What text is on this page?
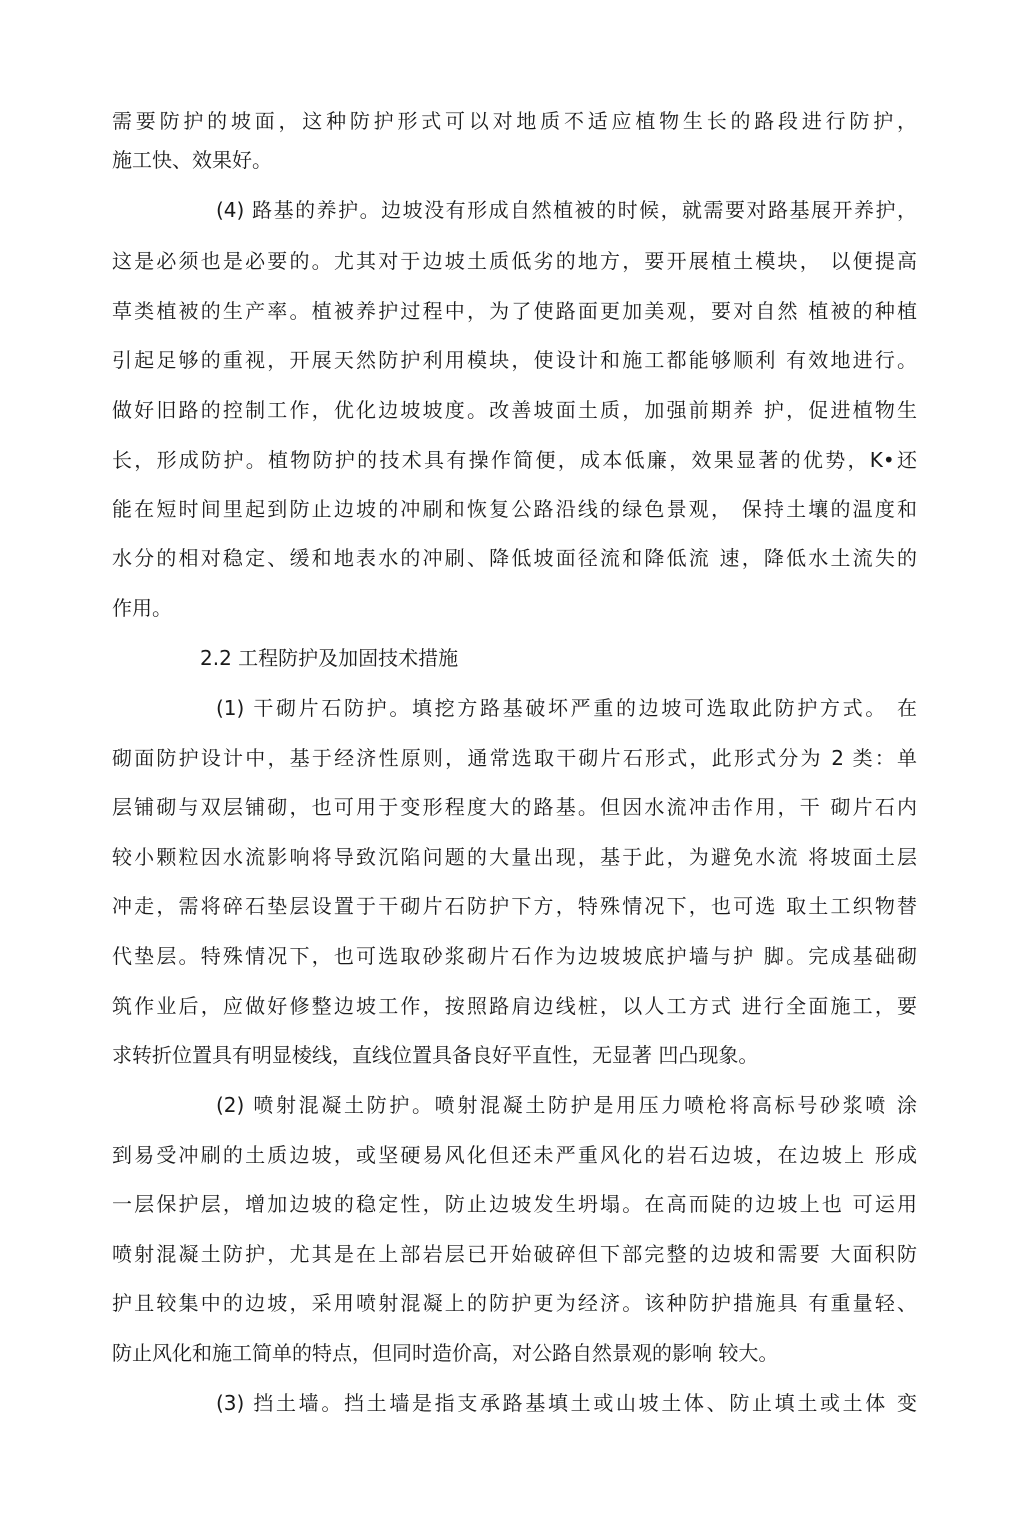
需要防护的坡面，这种防护形式可以对地质不适应植物生长的路段进行防护，
施工快、效果好。
(4) 路基的养护。边坡没有形成自然植被的时候，就需要对路基展开养护，
这是必须也是必要的。尤其对于边坡土质低劣的地方，要开展植土模块， 以便提高
草类植被的生产率。植被养护过程中，为了使路面更加美观，要对自然 植被的种植
引起足够的重视，开展天然防护利用模块，使设计和施工都能够顺利 有效地进行。
做好旧路的控制工作，优化边坡坡度。改善坡面土质，加强前期养 护，促进植物生
长，形成防护。植物防护的技术具有操作简便，成本低廉，效果显著的优势，K•还
能在短时间里起到防止边坡的冲刷和恢复公路沿线的绿色景观， 保持土壤的温度和
水分的相对稳定、缓和地表水的冲刷、降低坡面径流和降低流 速，降低水土流失的
作用。
2.2 工程防护及加固技术措施
(1) 干砌片石防护。填挖方路基破坏严重的边坡可选取此防护方式。 在
砌面防护设计中，基于经济性原则，通常选取干砌片石形式，此形式分为 2 类：单
层铺砌与双层铺砌，也可用于变形程度大的路基。但因水流冲击作用，干 砌片石内
较小颗粒因水流影响将导致沉陷问题的大量出现，基于此，为避免水流 将坡面土层
冲走，需将碎石垫层设置于干砌片石防护下方，特殊情况下，也可选 取土工织物替
代垫层。特殊情况下，也可选取砂浆砌片石作为边坡坡底护墙与护 脚。完成基础砌
筑作业后，应做好修整边坡工作，按照路肩边线桩，以人工方式 进行全面施工，要
求转折位置具有明显棱线，直线位置具备良好平直性，无显著 凹凸现象。
(2) 喷射混凝土防护。喷射混凝土防护是用压力喷枪将高标号砂浆喷 涂
到易受冲刷的土质边坡，或坚硬易风化但还未严重风化的岩石边坡，在边坡上 形成
一层保护层，增加边坡的稳定性，防止边坡发生坍塌。在高而陡的边坡上也 可运用
喷射混凝土防护，尤其是在上部岩层已开始破碎但下部完整的边坡和需要 大面积防
护且较集中的边坡，采用喷射混凝上的防护更为经济。该种防护措施具 有重量轻、
防止风化和施工简单的特点，但同时造价高，对公路自然景观的影响 较大。
(3) 挡土墙。挡土墙是指支承路基填土或山坡土体、防止填土或土体 变
